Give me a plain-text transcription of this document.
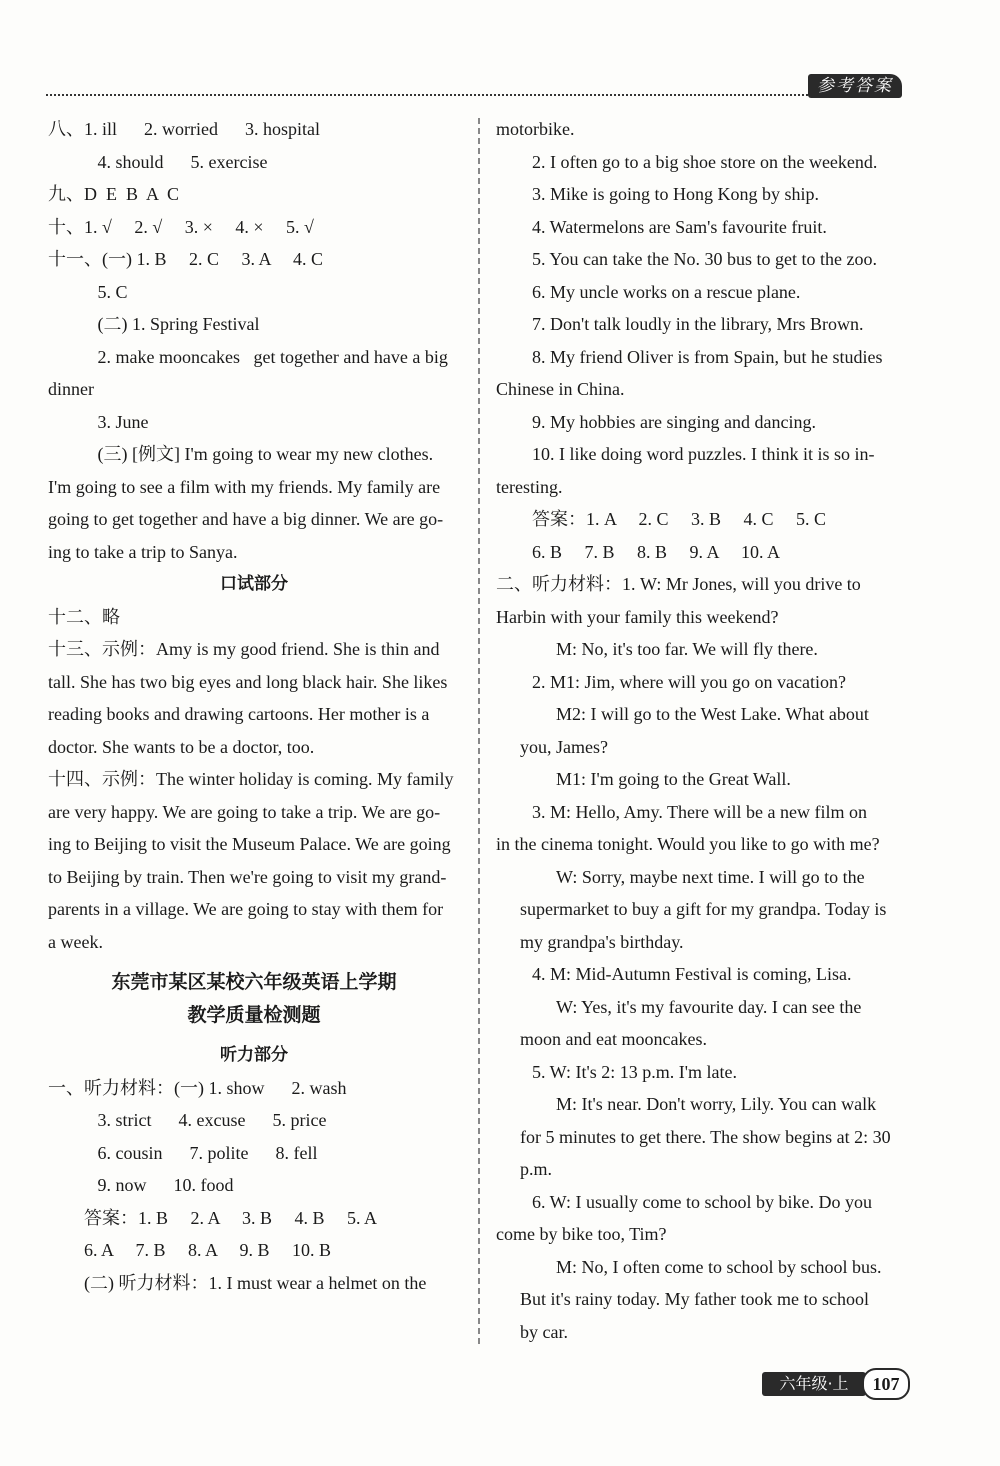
参考答案
八、1. ill      2. worried      3. hospital
4. should      5. exercise
九、D  E  B  A  C
十、1. √     2. √     3. ×     4. ×     5. √
十一、(一) 1. B     2. C     3. A     4. C
5. C
(二) 1. Spring Festival
2. make mooncakes   get together and have a big
dinner
3. June
(三) [例文] I'm going to wear my new clothes.
I'm going to see a film with my friends. My family are
going to get together and have a big dinner. We are go-
ing to take a trip to Sanya.
口试部分
十二、略
十三、示例：Amy is my good friend. She is thin and
tall. She has two big eyes and long black hair. She likes
reading books and drawing cartoons. Her mother is a
doctor. She wants to be a doctor, too.
十四、示例：The winter holiday is coming. My family
are very happy. We are going to take a trip. We are go-
ing to Beijing to visit the Museum Palace. We are going
to Beijing by train. Then we're going to visit my grand-
parents in a village. We are going to stay with them for
a week.
东莞市某区某校六年级英语上学期
教学质量检测题
听力部分
一、听力材料：(一) 1. show      2. wash
3. strict      4. excuse      5. price
6. cousin      7. polite      8. fell
9. now      10. food
答案：1. B     2. A     3. B     4. B     5. A
6. A     7. B     8. A     9. B     10. B
(二) 听力材料：1. I must wear a helmet on the
motorbike.
2. I often go to a big shoe store on the weekend.
3. Mike is going to Hong Kong by ship.
4. Watermelons are Sam's favourite fruit.
5. You can take the No. 30 bus to get to the zoo.
6. My uncle works on a rescue plane.
7. Don't talk loudly in the library, Mrs Brown.
8. My friend Oliver is from Spain, but he studies
Chinese in China.
9. My hobbies are singing and dancing.
10. I like doing word puzzles. I think it is so in-
teresting.
答案：1. A     2. C     3. B     4. C     5. C
6. B     7. B     8. B     9. A     10. A
二、听力材料：1. W: Mr Jones, will you drive to
Harbin with your family this weekend?
M: No, it's too far. We will fly there.
2. M1: Jim, where will you go on vacation?
M2: I will go to the West Lake. What about
you, James?
M1: I'm going to the Great Wall.
3. M: Hello, Amy. There will be a new film on
in the cinema tonight. Would you like to go with me?
W: Sorry, maybe next time. I will go to the
supermarket to buy a gift for my grandpa. Today is
my grandpa's birthday.
4. M: Mid-Autumn Festival is coming, Lisa.
W: Yes, it's my favourite day. I can see the
moon and eat mooncakes.
5. W: It's 2: 13 p.m. I'm late.
M: It's near. Don't worry, Lily. You can walk
for 5 minutes to get there. The show begins at 2: 30
p.m.
6. W: I usually come to school by bike. Do you
come by bike too, Tim?
M: No, I often come to school by school bus.
But it's rainy today. My father took me to school
by car.
六年级·上	107
